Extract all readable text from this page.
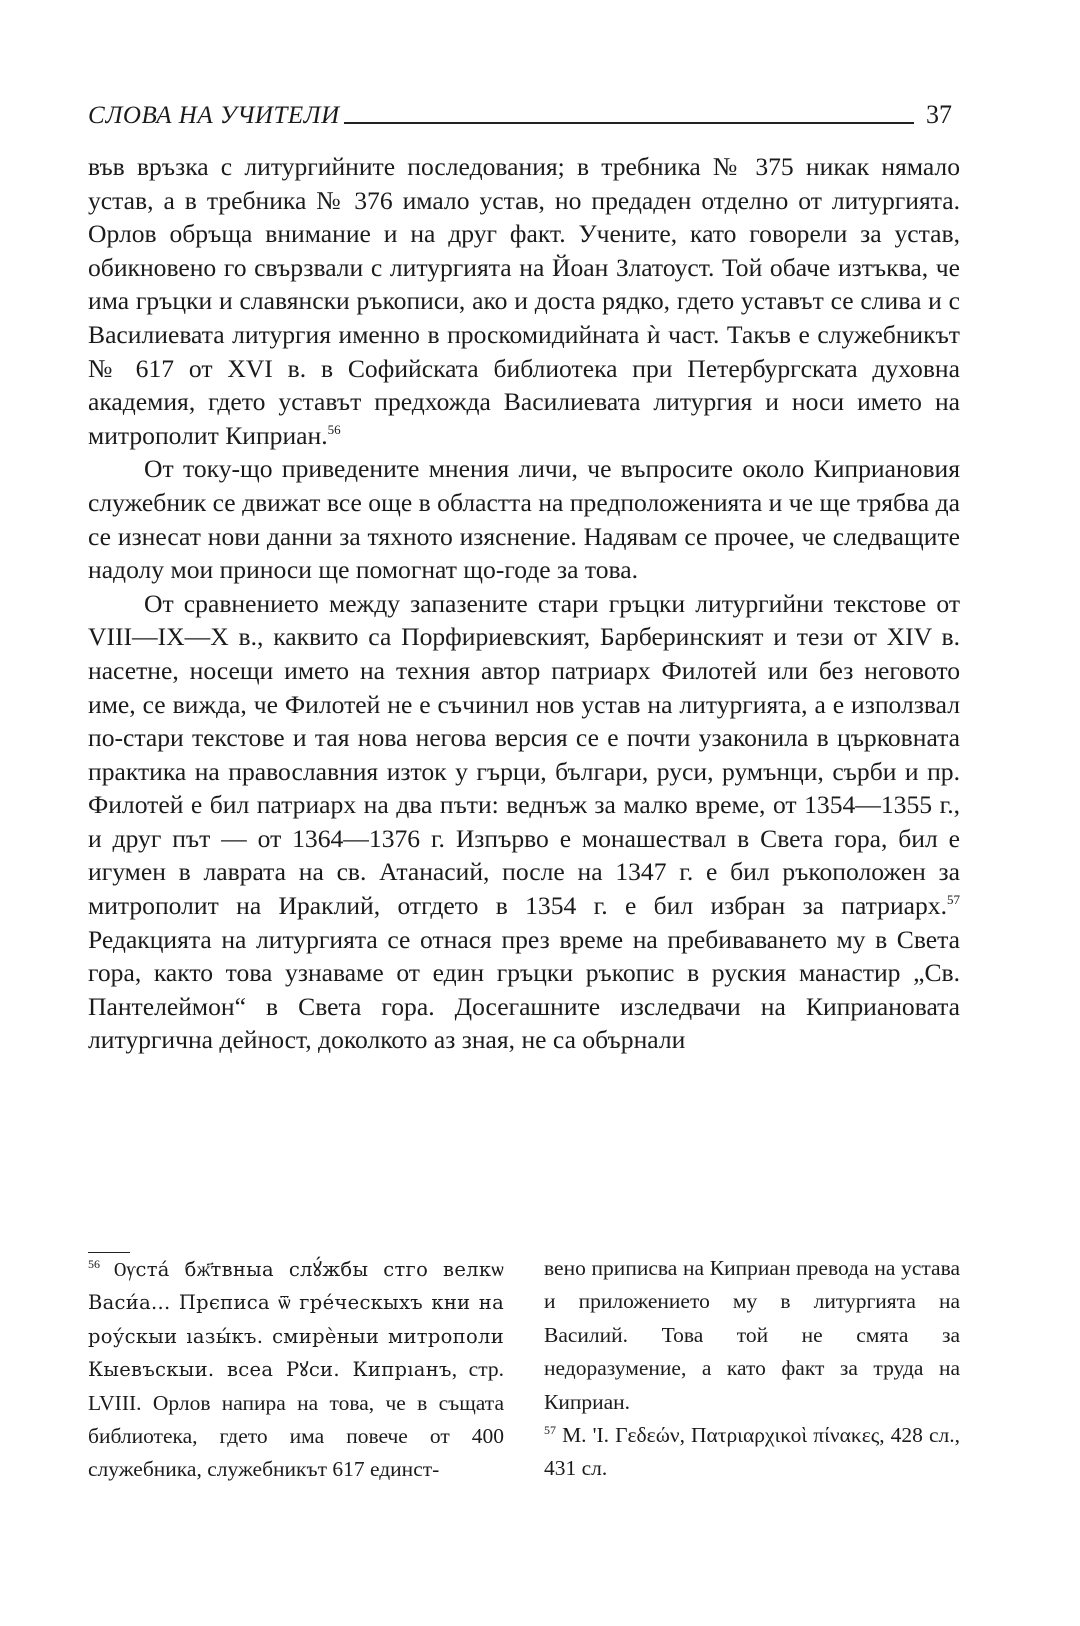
СЛОВА НА УЧИТЕЛИ	37

във връзка с литургийните последования; в требника № 375 никак нямало устав, а в требника № 376 имало устав, но предаден отделно от литургията. Орлов обръща внимание и на друг факт. Учените, като говорели за устав, обикновено го свързвали с литургията на Йоан Златоуст. Той обаче изтъква, че има гръцки и славянски ръкописи, ако и доста рядко, гдето уставът се слива и с Василиевата литургия именно в проскомидийната ѝ част. Такъв е служебникът № 617 от XVI в. в Софийската библиотека при Петербургската духовна академия, гдето уставът предхожда Василиевата литургия и носи името на митрополит Киприан.$^{56}$

От току-що приведените мнения личи, че въпросите около Киприановия служебник се движат все още в областта на предположенията и че ще трябва да се изнесат нови данни за тяхното изяснение. Надявам се прочее, че следващите надолу мои приноси ще помогнат що-годе за това.

От сравнението между запазените стари гръцки литургийни текстове от VIII—IX—X в., каквито са Порфириевският, Барберинският и тези от XIV в. насетне, носещи името на техния автор патриарх Филотей или без неговото име, се вижда, че Филотей не е съчинил нов устав на литургията, а е използвал по-стари текстове и тая нова негова версия се е почти узаконила в църковната практика на православния изток у гърци, българи, руси, румънци, сърби и пр. Филотей е бил патриарх на два пъти: веднъж за малко време, от 1354—1355 г., и друг път — от 1364—1376 г. Изпърво е монашествал в Света гора, бил е игумен в лаврата на св. Атанасий, после на 1347 г. е бил ръкоположен за митрополит на Ираклий, отгдето в 1354 г. е бил избран за патриарх.$^{57}$ Редакцията на литургията се отнася през време на пребиваването му в Света гора, както това узнаваме от един гръцки ръкопис в руския манастир „Св. Пантелеймон“ в Света гора. Досегашните изследвачи на Киприановата литургична дейност, доколкото аз зная, не са обърнали

$^{56}$ Ѹста́ бж҃твныа слꙋ́жбы стго велкѡ Васи́а... Прєписа ѿ гре́ческыхъ кни на роу́скыи ıазы́къ. смирѐныи митрополи Кыевъскыи. всеа Рꙋси. Кипрıанъ, стр. LVIII. Орлов напира на това, че в същата библиотека, гдето има повече от 400 служебника, служебникът 617 единст-

вено приписва на Киприан превода на устава и приложението му в литургията на Василий. Това той не смята за недоразумение, а като факт за труда на Киприан.

$^{57}$ Μ. 'Ι. Γεδεών, Πατριαρχικοὶ πίνακες, 428 сл., 431 сл.
